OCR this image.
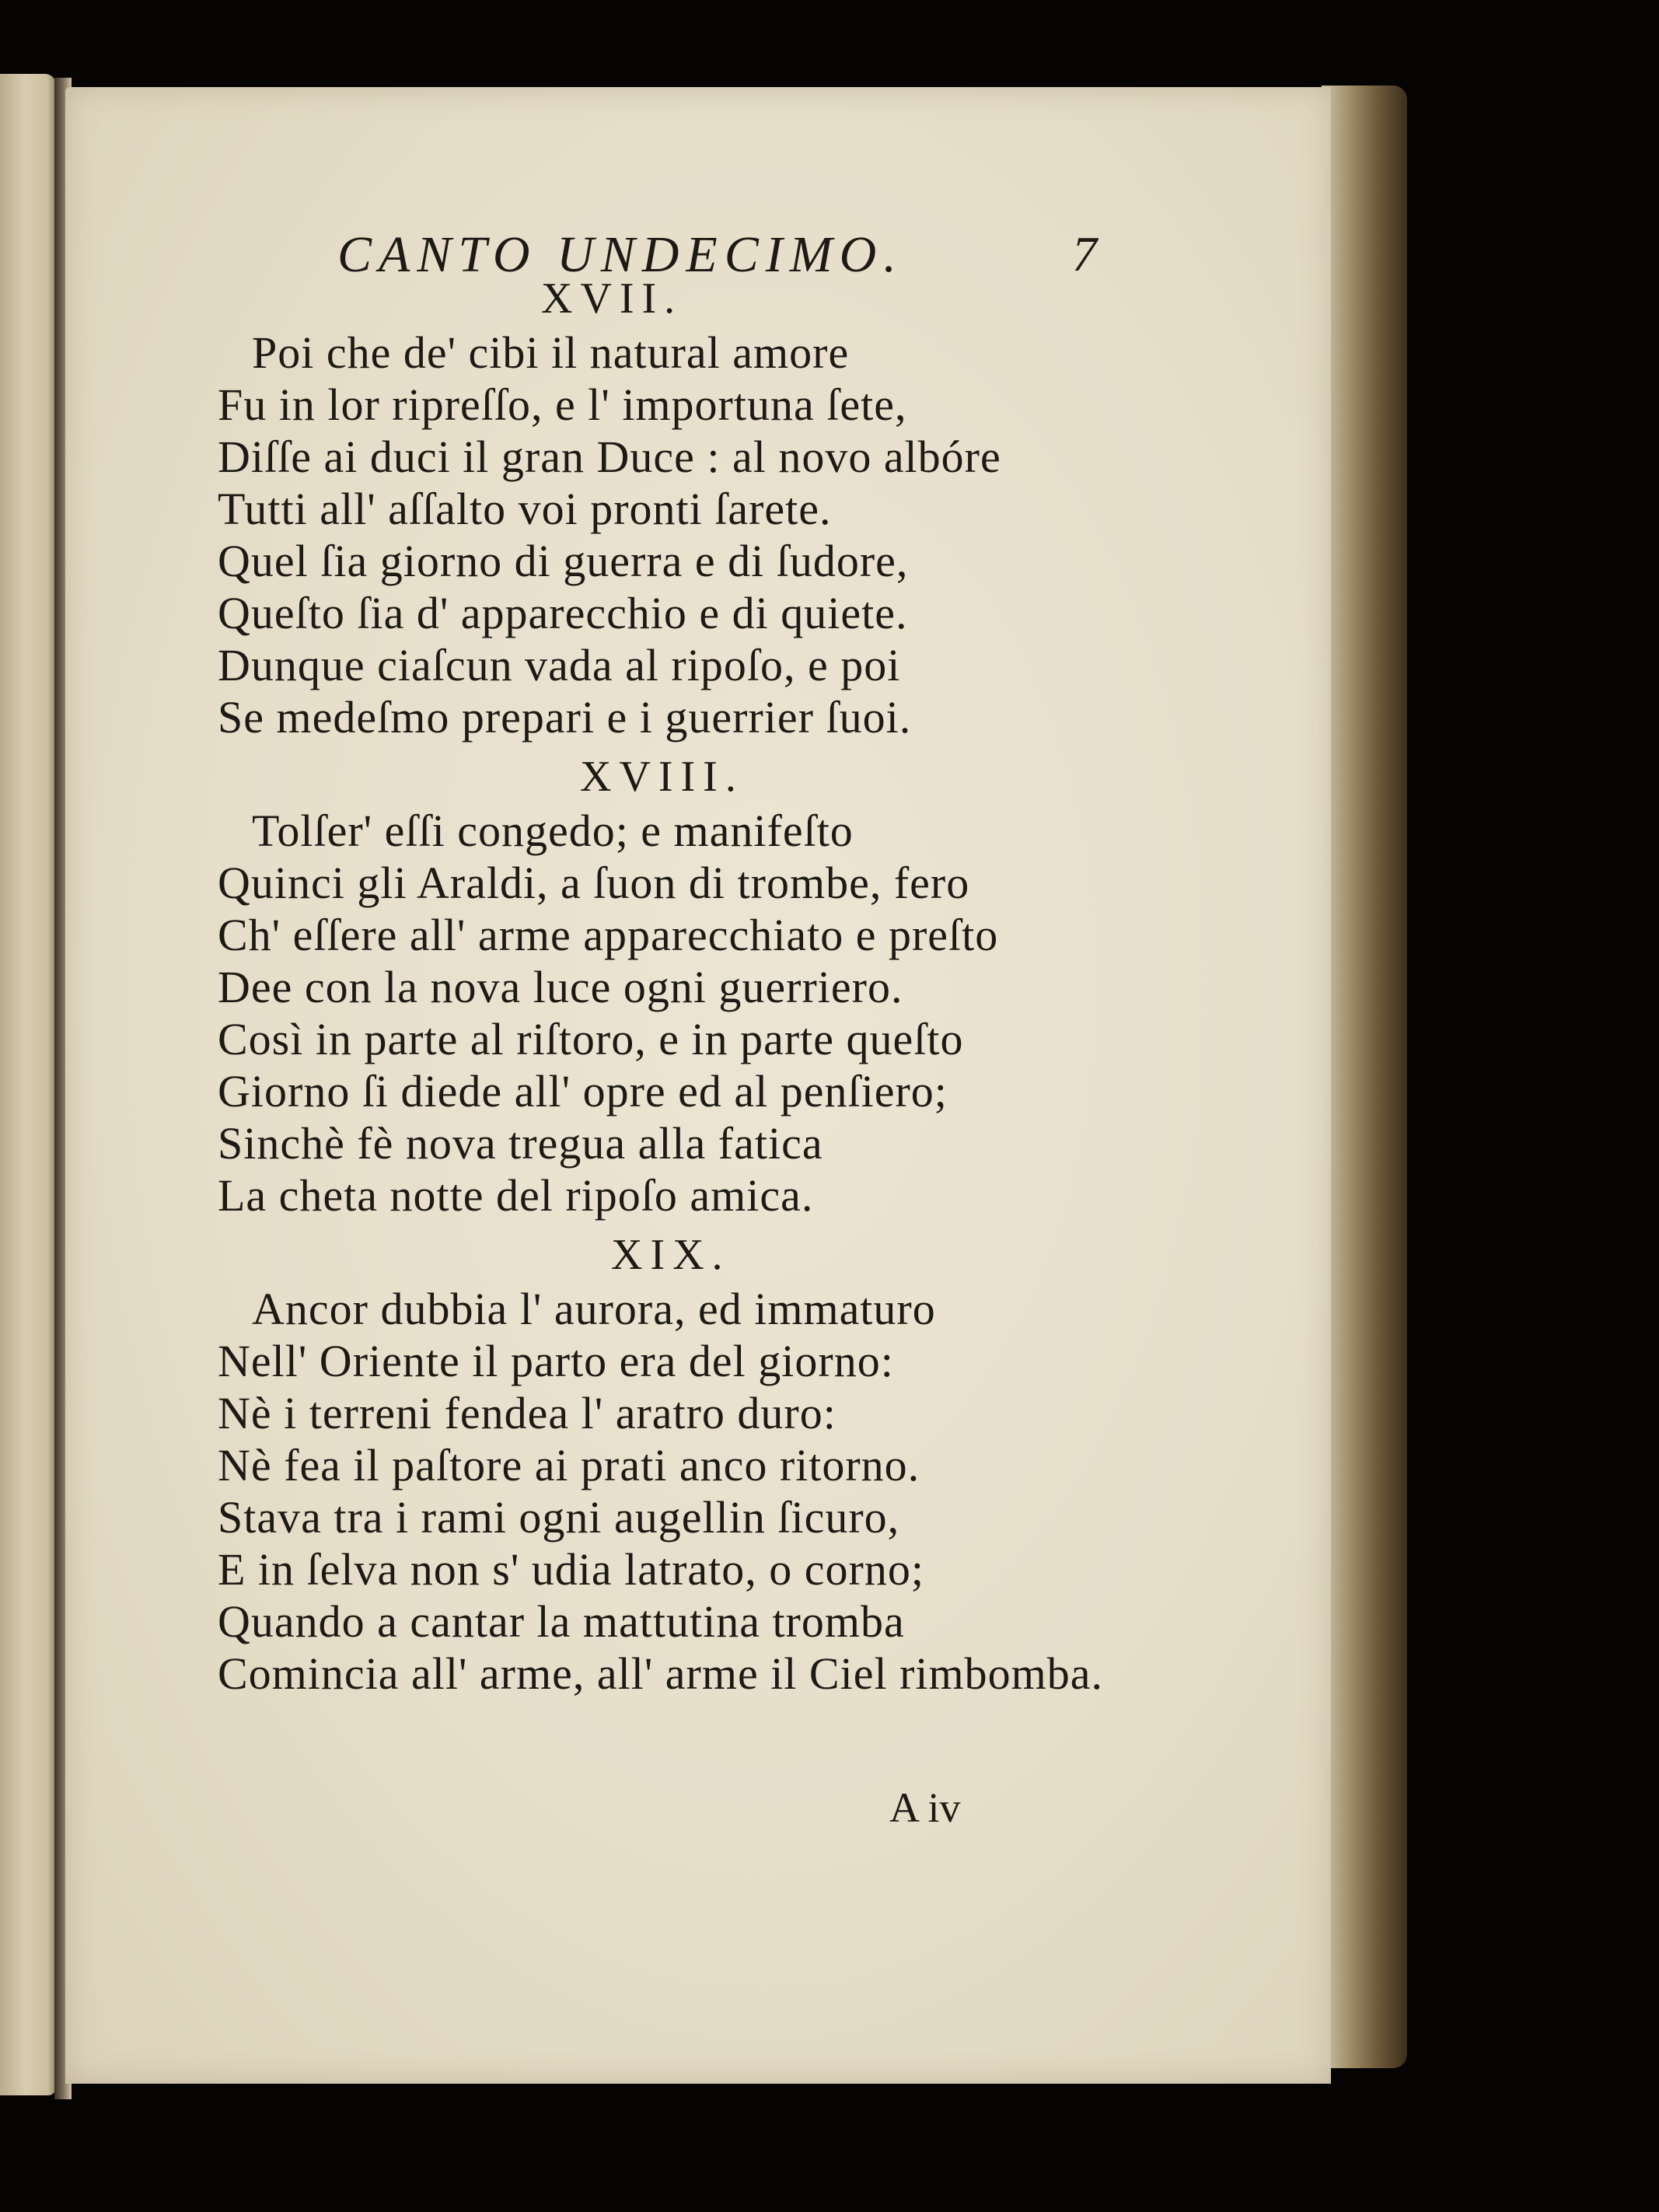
CANTO UNDECIMO.	7
XVII.
Poi che de' cibi il natural amore
Fu in lor ripreſſo, e l' importuna ſete,
Diſſe ai duci il gran Duce : al novo albóre
Tutti all' aſſalto voi pronti ſarete.
Quel ſia giorno di guerra e di ſudore,
Queſto ſia d' apparecchio e di quiete.
Dunque ciaſcun vada al ripoſo, e poi
Se medeſmo prepari e i guerrier ſuoi.
XVIII.
Tolſer' eſſi congedo; e manifeſto
Quinci gli Araldi, a ſuon di trombe, fero
Ch' eſſere all' arme apparecchiato e preſto
Dee con la nova luce ogni guerriero.
Così in parte al riſtoro, e in parte queſto
Giorno ſi diede all' opre ed al penſiero;
Sinchè fè nova tregua alla fatica
La cheta notte del ripoſo amica.
XIX.
Ancor dubbia l' aurora, ed immaturo
Nell' Oriente il parto era del giorno:
Nè i terreni fendea l' aratro duro:
Nè fea il paſtore ai prati anco ritorno.
Stava tra i rami ogni augellin ſicuro,
E in ſelva non s' udia latrato, o corno;
Quando a cantar la mattutina tromba
Comincia all' arme, all' arme il Ciel rimbomba.
A iv
